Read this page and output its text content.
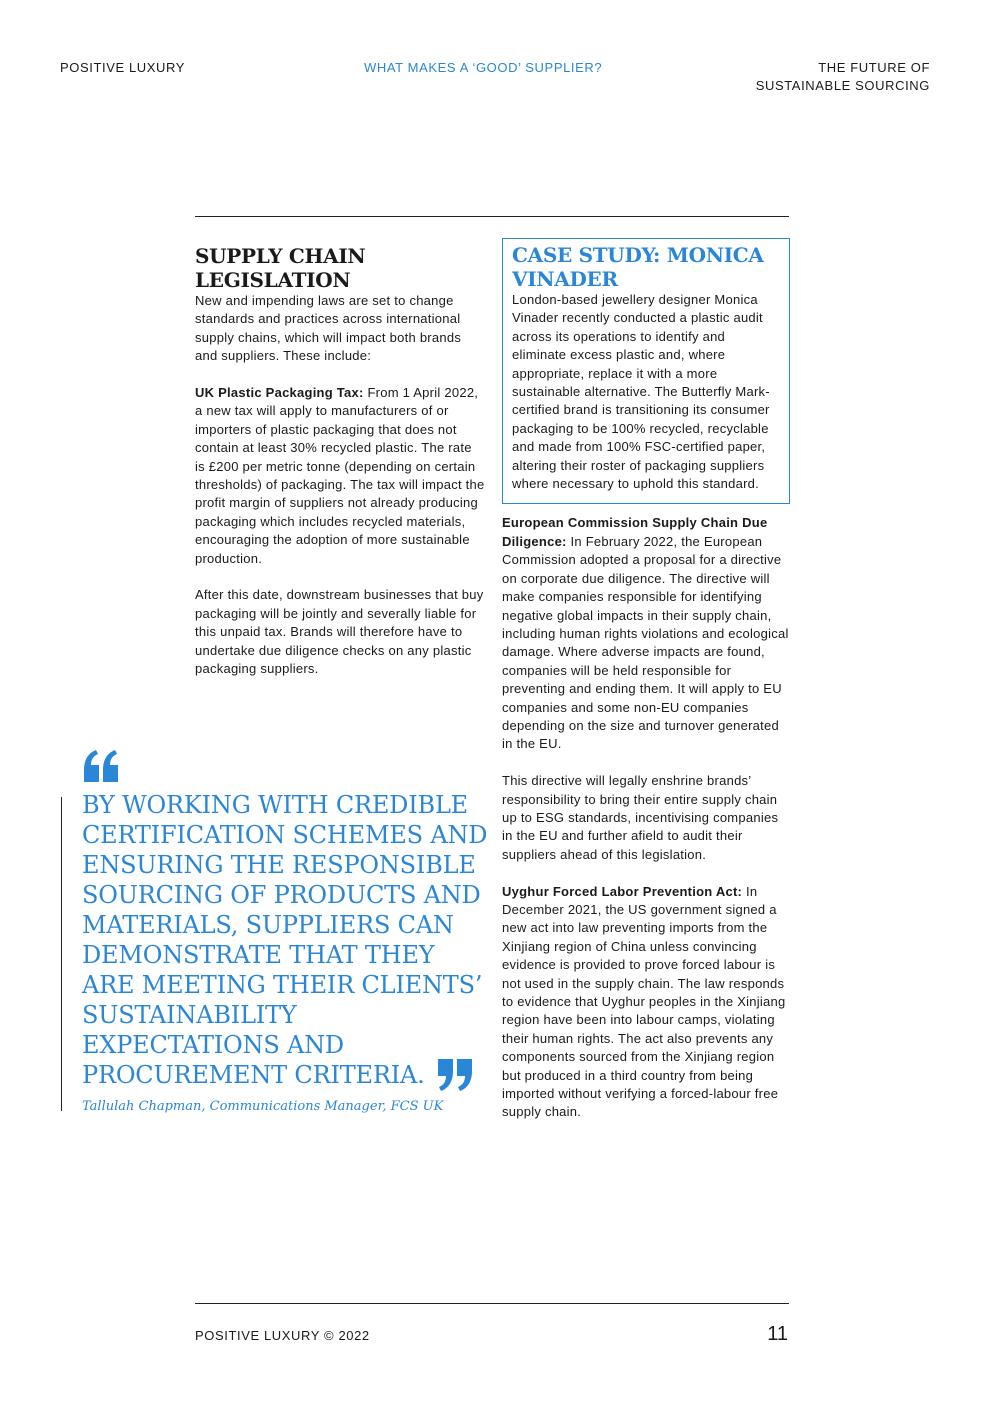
POSITIVE LUXURY	WHAT MAKES A ‘GOOD’ SUPPLIER?	THE FUTURE OF
SUSTAINABLE SOURCING
SUPPLY CHAIN LEGISLATION

New and impending laws are set to change standards and practices across international supply chains, which will impact both brands and suppliers. These include:

UK Plastic Packaging Tax: From 1 April 2022, a new tax will apply to manufacturers of or importers of plastic packaging that does not contain at least 30% recycled plastic. The rate is £200 per metric tonne (depending on certain thresholds) of packaging. The tax will impact the profit margin of suppliers not already producing packaging which includes recycled materials, encouraging the adoption of more sustainable production.

After this date, downstream businesses that buy packaging will be jointly and severally liable for this unpaid tax. Brands will therefore have to undertake due diligence checks on any plastic packaging suppliers.

CASE STUDY: MONICA VINADER

London-based jewellery designer Monica Vinader recently conducted a plastic audit across its operations to identify and eliminate excess plastic and, where appropriate, replace it with a more sustainable alternative. The Butterfly Mark-certified brand is transitioning its consumer packaging to be 100% recycled, recyclable and made from 100% FSC-certified paper, altering their roster of packaging suppliers where necessary to uphold this standard.

European Commission Supply Chain Due Diligence: In February 2022, the European Commission adopted a proposal for a directive on corporate due diligence. The directive will make companies responsible for identifying negative global impacts in their supply chain, including human rights violations and ecological damage. Where adverse impacts are found, companies will be held responsible for preventing and ending them. It will apply to EU companies and some non-EU companies depending on the size and turnover generated in the EU.

This directive will legally enshrine brands’ responsibility to bring their entire supply chain up to ESG standards, incentivising companies in the EU and further afield to audit their suppliers ahead of this legislation.

Uyghur Forced Labor Prevention Act: In December 2021, the US government signed a new act into law preventing imports from the Xinjiang region of China unless convincing evidence is provided to prove forced labour is not used in the supply chain. The law responds to evidence that Uyghur peoples in the Xinjiang region have been into labour camps, violating their human rights. The act also prevents any components sourced from the Xinjiang region but produced in a third country from being imported without verifying a forced-labour free supply chain.

BY WORKING WITH CREDIBLE CERTIFICATION SCHEMES AND ENSURING THE RESPONSIBLE SOURCING OF PRODUCTS AND MATERIALS, SUPPLIERS CAN DEMONSTRATE THAT THEY ARE MEETING THEIR CLIENTS’ SUSTAINABILITY EXPECTATIONS AND PROCUREMENT CRITERIA.
Tallulah Chapman, Communications Manager, FCS UK
POSITIVE LUXURY © 2022	11
